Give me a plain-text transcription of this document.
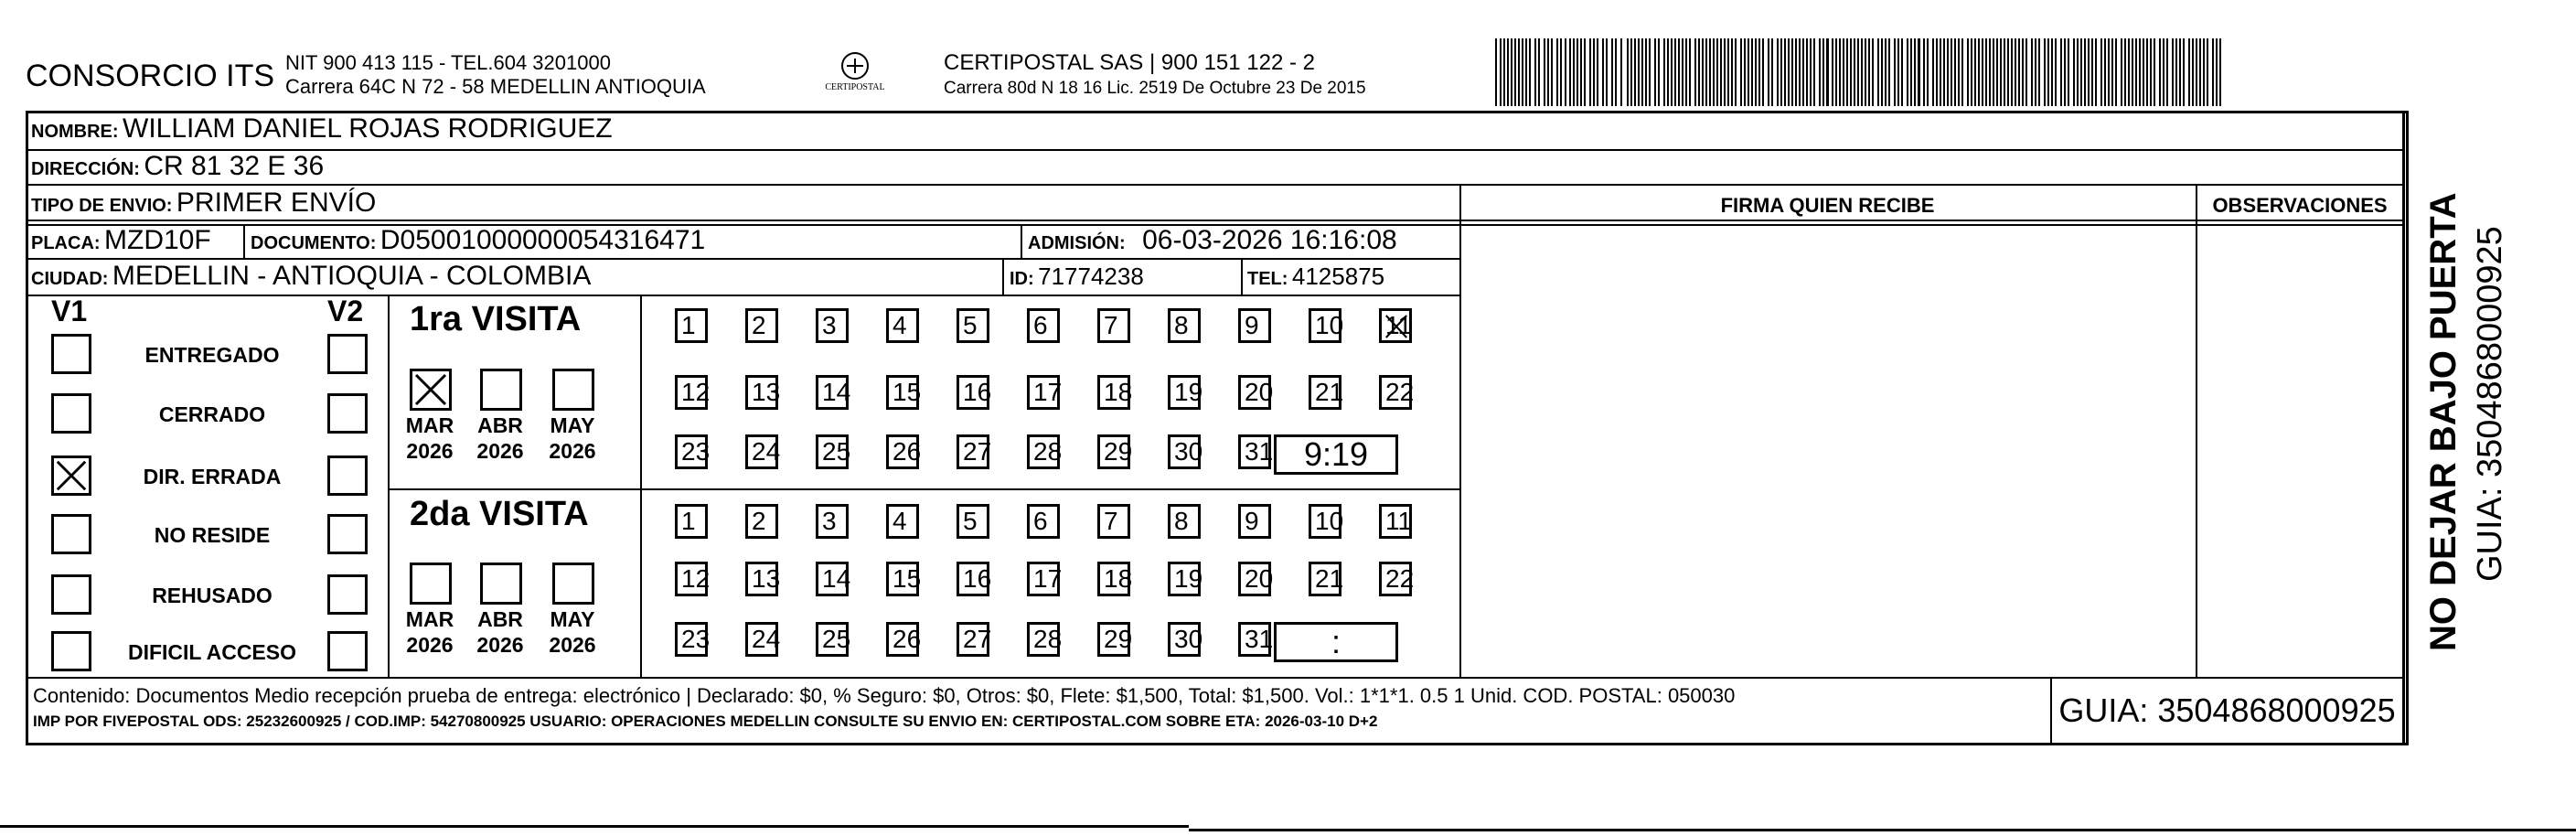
CONSORCIO ITS NIT 900 413 115 - TEL.604 3201000
Carrera 64C N 72 - 58 MEDELLIN ANTIOQUIA	CERTIPOSTAL
CERTIPOSTAL SAS | 900 151 122 - 2
Carrera 80d N 18 16 Lic. 2519 De Octubre 23 De 2015
NOMBRE: WILLIAM DANIEL ROJAS RODRIGUEZ
DIRECCIÓN: CR 81 32 E 36
TIPO DE ENVIO: PRIMER ENVÍO
PLACA: MZD10F DOCUMENTO: D050010000000543164​71	ADMISIÓN: 06-03-2026 16:16:08
CIUDAD: MEDELLIN - ANTIOQUIA - COLOMBIA	ID: 71774238	TEL: 4125875
FIRMA QUIEN RECIBE	OBSERVACIONES
V1	V2
ENTREGADO
CERRADO
DIR. ERRADA
NO RESIDE
REHUSADO
DIFICIL ACCESO
1ra VISITA
2da VISITA
MAR
2026
ABR
2026
MAY
2026
MAR
2026
ABR
2026
MAY
2026
1	2	3	4	5	6	7	8	9	10 11
12 13 14 15 16 17 18 19 20 21 22
23 24 25 26 27 28 29 30 31 9:19
1	2	3	4	5	6	7	8	9	10 11
12 13 14 15 16 17 18 19 20 21 22
23 24 25 26 27 28 29 30 31	:
Contenido: Documentos Medio recepción prueba de entrega: electrónico | Declarado: $0, % Seguro: $0, Otros: $0, Flete: $1,500, Total: $1,500. Vol.: 1*1*1. 0.5 1 Unid. COD. POSTAL: 050030
IMP POR FIVEPOSTAL ODS: 25232600925 / COD.IMP: 54270800925 USUARIO: OPERACIONES MEDELLIN CONSULTE SU ENVIO EN: CERTIPOSTAL.COM SOBRE ETA: 2026-03-10 D+2	GUIA: 3504868000925
NO DEJAR BAJO PUERTA GUIA: 3504868000925
